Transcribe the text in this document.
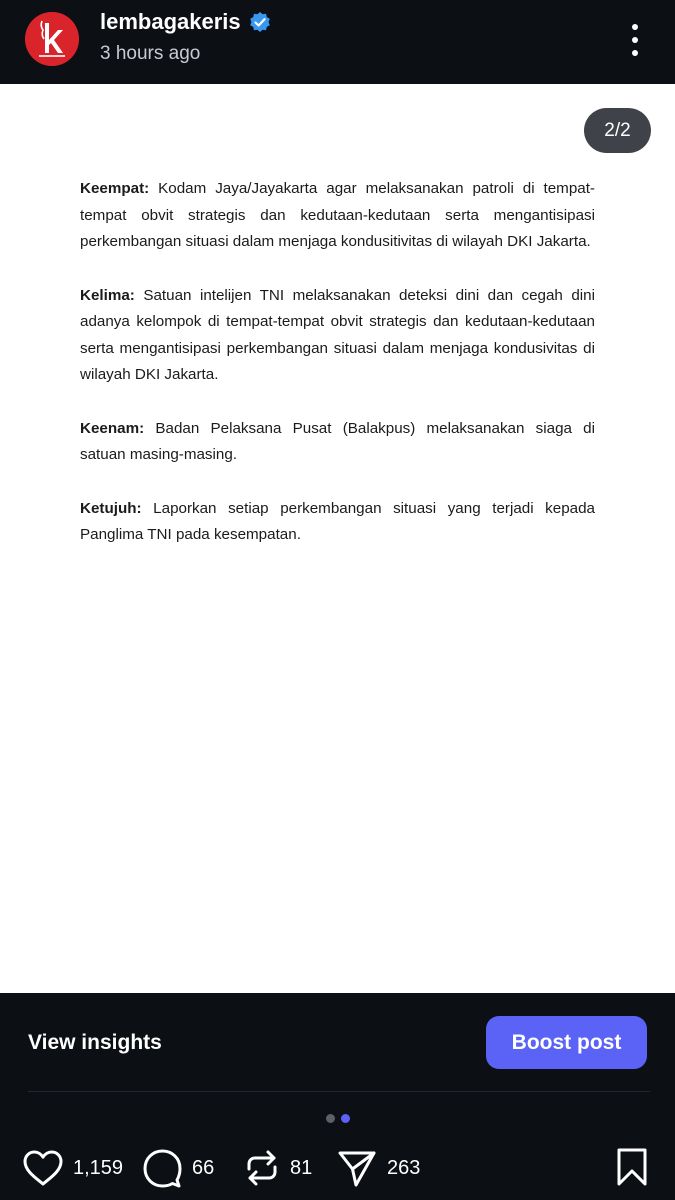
lembagakeris
3 hours ago
2/2

Keempat: Kodam Jaya/Jayakarta agar melaksanakan patroli di tempat-tempat obvit strategis dan kedutaan-kedutaan serta mengantisipasi perkembangan situasi dalam menjaga kondusitivitas di wilayah DKI Jakarta.

Kelima: Satuan intelijen TNI melaksanakan deteksi dini dan cegah dini adanya kelompok di tempat-tempat obvit strategis dan kedutaan-kedutaan serta mengantisipasi perkembangan situasi dalam menjaga kondusivitas di wilayah DKI Jakarta.

Keenam: Badan Pelaksana Pusat (Balakpus) melaksanakan siaga di satuan masing-masing.

Ketujuh: Laporkan setiap perkembangan situasi yang terjadi kepada Panglima TNI pada kesempatan.

View insights	Boost post
1,159	66	81	263
